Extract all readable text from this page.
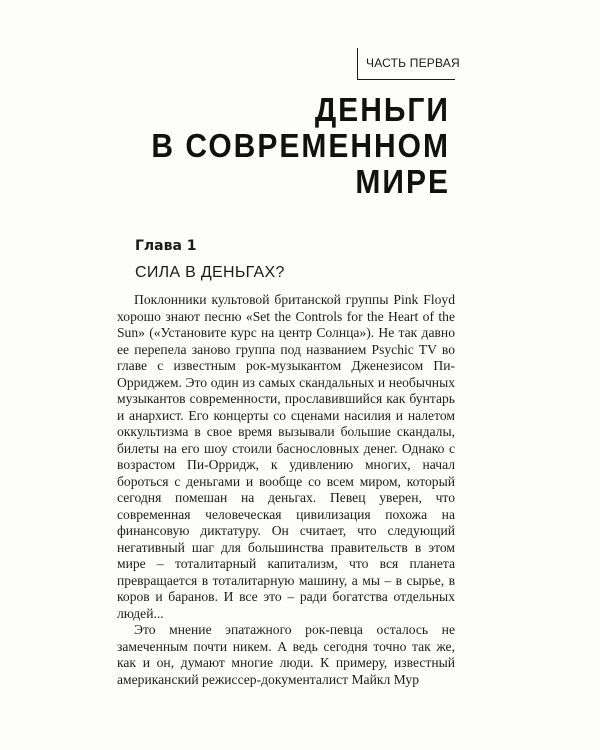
ЧАСТЬ ПЕРВАЯ
ДЕНЬГИ
В СОВРЕМЕННОМ
МИРЕ
Глава 1
СИЛА В ДЕНЬГАХ?

Поклонники культовой британской группы Pink Floyd хорошо знают песню «Set the Controls for the Heart of the Sun» («Установите курс на центр Солнца»). Не так давно ее перепела заново группа под названием Psychic TV во главе с известным рок-музыкантом Дженезисом Пи-Орриджем. Это один из самых скандальных и необычных музыкантов современности, прославившийся как бунтарь и анархист. Его концерты со сценами насилия и налетом оккультизма в свое время вызывали большие скандалы, билеты на его шоу стоили баснословных денег. Однако с возрастом Пи-Орридж, к удивлению многих, начал бороться с деньгами и вообще со всем миром, который сегодня помешан на деньгах. Певец уверен, что современная человеческая цивилизация похожа на финансовую диктатуру. Он считает, что следующий негативный шаг для большинства правительств в этом мире – тоталитарный капитализм, что вся планета превращается в тоталитарную машину, а мы – в сырье, в коров и баранов. И все это – ради богатства отдельных людей...

Это мнение эпатажного рок-певца осталось не замеченным почти никем. А ведь сегодня точно так же, как и он, думают многие люди. К примеру, известный американский режиссер-документалист Майкл Мур
